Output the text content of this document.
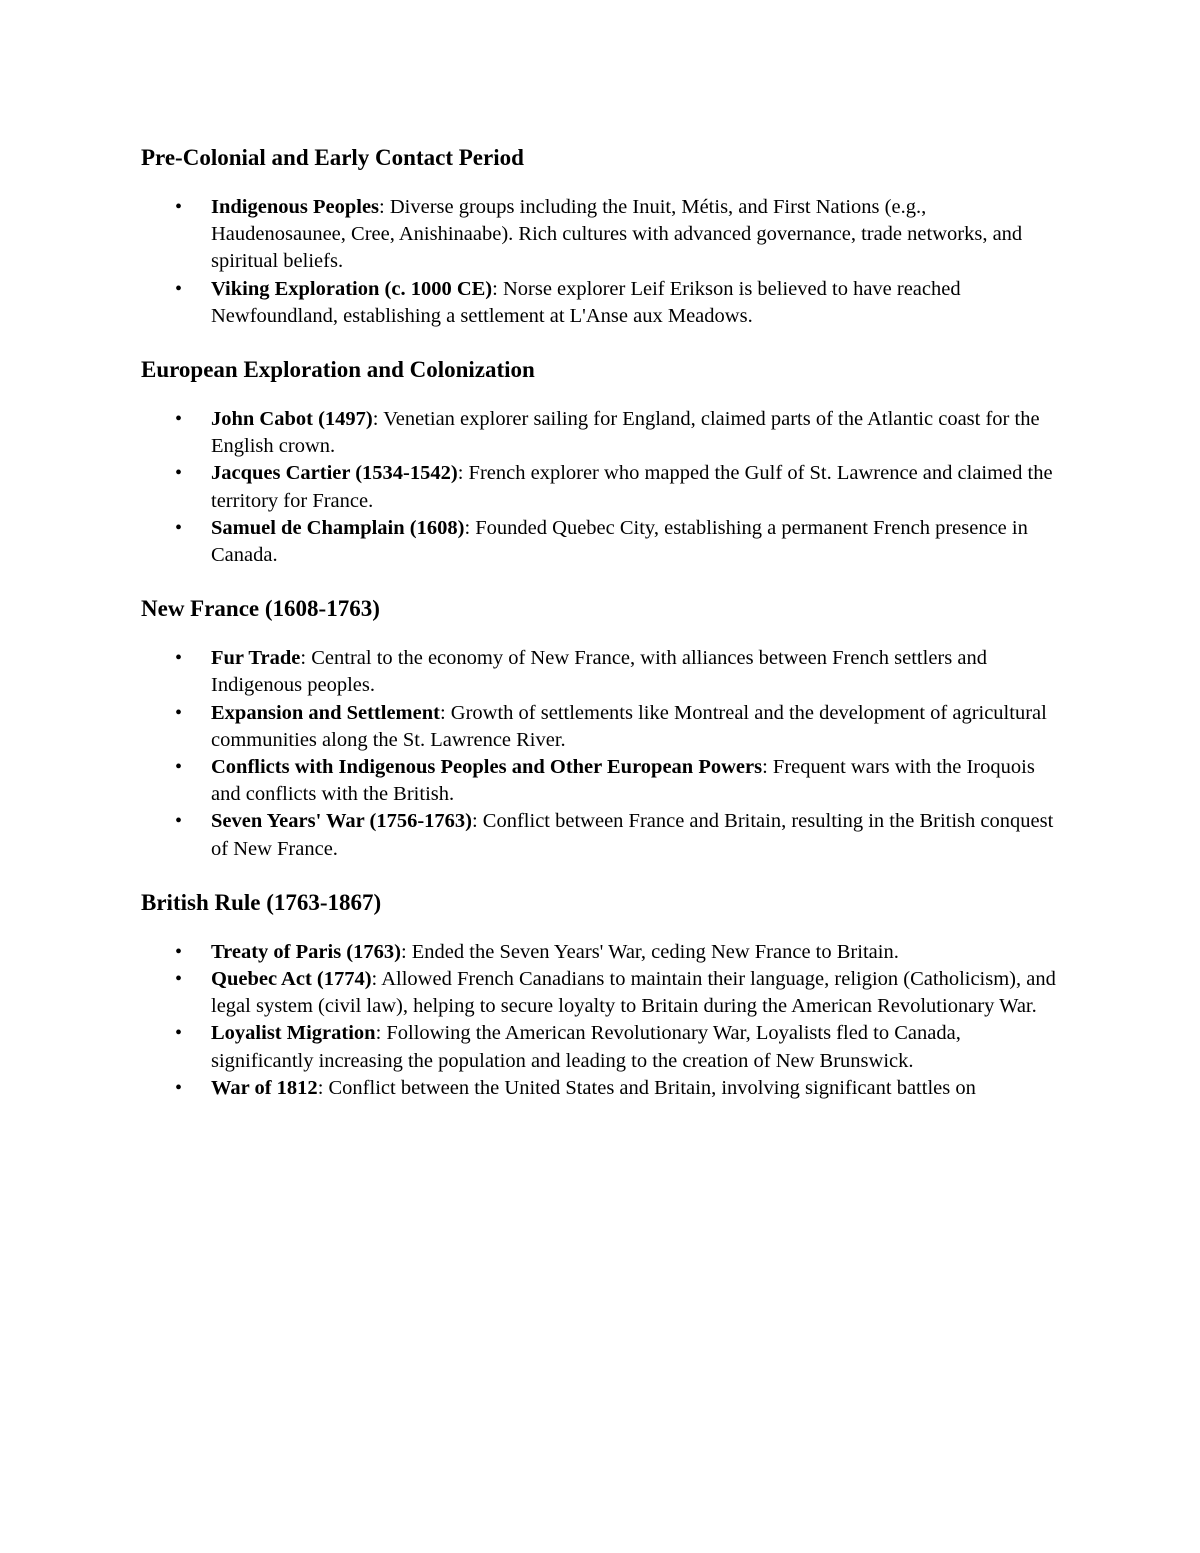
Pre-Colonial and Early Contact Period
• Indigenous Peoples: Diverse groups including the Inuit, Métis, and First Nations (e.g., Haudenosaunee, Cree, Anishinaabe). Rich cultures with advanced governance, trade networks, and spiritual beliefs.
• Viking Exploration (c. 1000 CE): Norse explorer Leif Erikson is believed to have reached Newfoundland, establishing a settlement at L'Anse aux Meadows.
European Exploration and Colonization
• John Cabot (1497): Venetian explorer sailing for England, claimed parts of the Atlantic coast for the English crown.
• Jacques Cartier (1534-1542): French explorer who mapped the Gulf of St. Lawrence and claimed the territory for France.
• Samuel de Champlain (1608): Founded Quebec City, establishing a permanent French presence in Canada.
New France (1608-1763)
• Fur Trade: Central to the economy of New France, with alliances between French settlers and Indigenous peoples.
• Expansion and Settlement: Growth of settlements like Montreal and the development of agricultural communities along the St. Lawrence River.
• Conflicts with Indigenous Peoples and Other European Powers: Frequent wars with the Iroquois and conflicts with the British.
• Seven Years' War (1756-1763): Conflict between France and Britain, resulting in the British conquest of New France.
British Rule (1763-1867)
• Treaty of Paris (1763): Ended the Seven Years' War, ceding New France to Britain.
• Quebec Act (1774): Allowed French Canadians to maintain their language, religion (Catholicism), and legal system (civil law), helping to secure loyalty to Britain during the American Revolutionary War.
• Loyalist Migration: Following the American Revolutionary War, Loyalists fled to Canada, significantly increasing the population and leading to the creation of New Brunswick.
• War of 1812: Conflict between the United States and Britain, involving significant battles on
